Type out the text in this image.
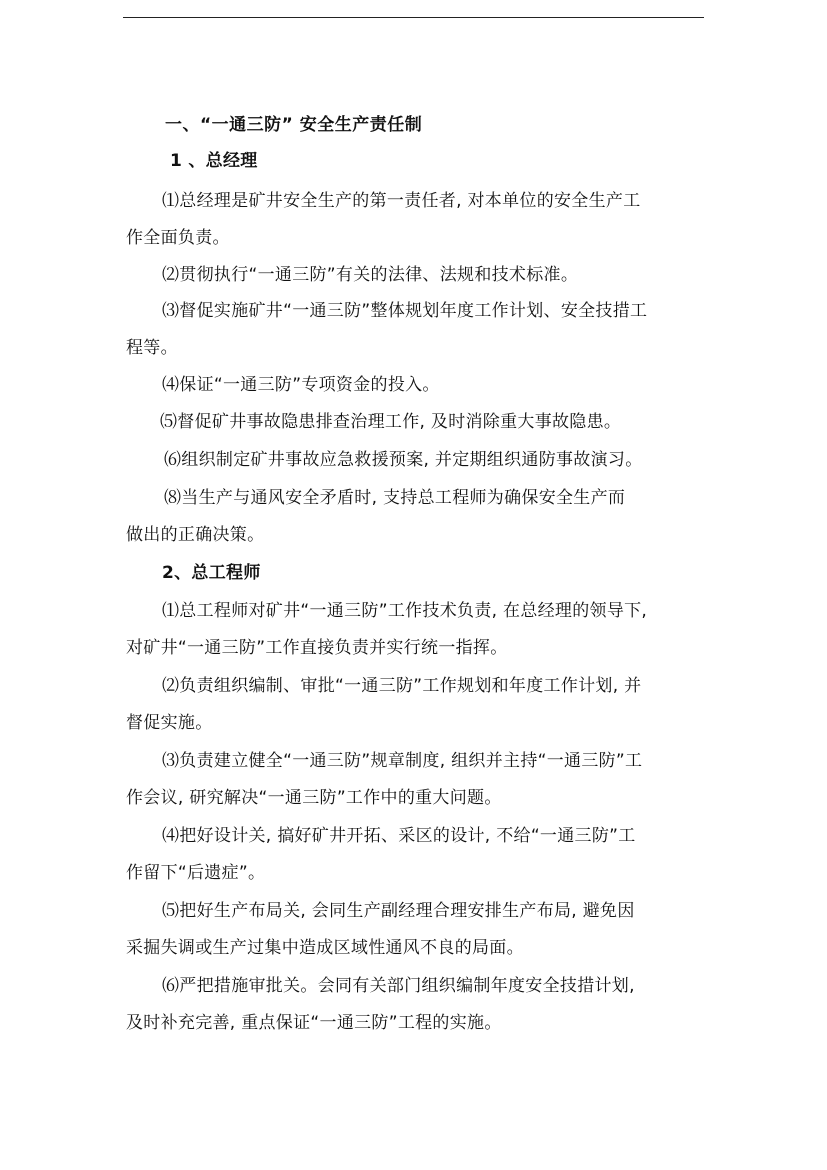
一、“一通三防” 安全生产责任制
1 、总经理
⑴总经理是矿井安全生产的第一责任者, 对本单位的安全生产工
作全面负责。
⑵贯彻执行“一通三防”有关的法律、法规和技术标准。
⑶督促实施矿井“一通三防”整体规划年度工作计划、安全技措工
程等。
⑷保证“一通三防”专项资金的投入。
⑸督促矿井事故隐患排查治理工作, 及时消除重大事故隐患。
⑹组织制定矿井事故应急救援预案, 并定期组织通防事故演习。
⑻当生产与通风安全矛盾时, 支持总工程师为确保安全生产而
做出的正确决策。
2、总工程师
⑴总工程师对矿井“一通三防”工作技术负责, 在总经理的领导下,
对矿井“一通三防”工作直接负责并实行统一指挥。
⑵负责组织编制、审批“一通三防”工作规划和年度工作计划, 并
督促实施。
⑶负责建立健全“一通三防”规章制度, 组织并主持“一通三防”工
作会议, 研究解决“一通三防”工作中的重大问题。
⑷把好设计关, 搞好矿井开拓、采区的设计, 不给“一通三防”工
作留下“后遗症”。
⑸把好生产布局关, 会同生产副经理合理安排生产布局, 避免因
采掘失调或生产过集中造成区域性通风不良的局面。
⑹严把措施审批关。会同有关部门组织编制年度安全技措计划,
及时补充完善, 重点保证“一通三防”工程的实施。
